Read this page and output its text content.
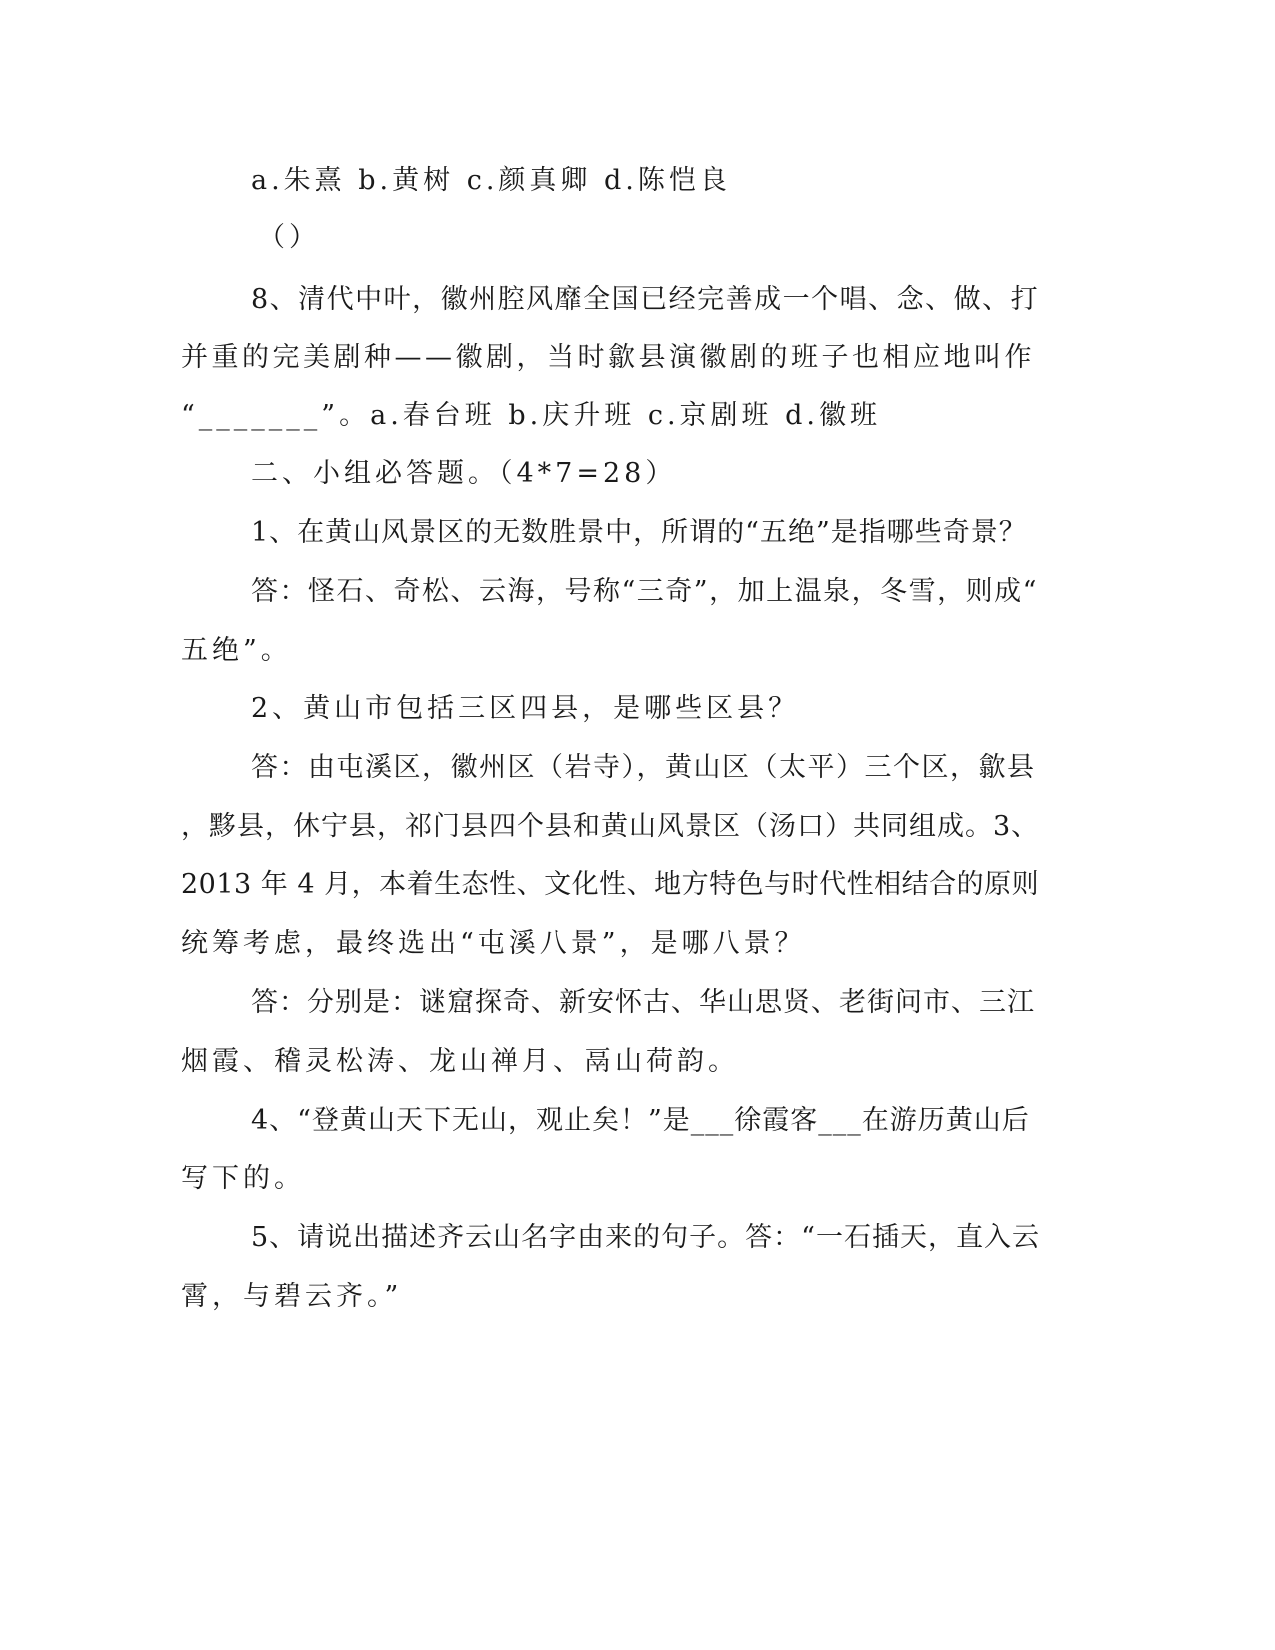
a.朱熹 b.黄树 c.颜真卿 d.陈恺良

（）

8、清代中叶，徽州腔风靡全国已经完善成一个唱、念、做、打

并重的完美剧种——徽剧，当时歙县演徽剧的班子也相应地叫作

“_______”。a.春台班 b.庆升班 c.京剧班 d.徽班

二、小组必答题。（4*7=28）

1、在黄山风景区的无数胜景中，所谓的“五绝”是指哪些奇景？

答：怪石、奇松、云海，号称“三奇”，加上温泉，冬雪，则成“

五绝”。

2、黄山市包括三区四县，是哪些区县？

答：由屯溪区，徽州区（岩寺），黄山区（太平）三个区，歙县

，黟县，休宁县，祁门县四个县和黄山风景区（汤口）共同组成。3、

2013 年 4 月，本着生态性、文化性、地方特色与时代性相结合的原则

统筹考虑，最终选出“屯溪八景”，是哪八景？

答：分别是：谜窟探奇、新安怀古、华山思贤、老街问市、三江

烟霞、稽灵松涛、龙山禅月、鬲山荷韵。

4、“登黄山天下无山，观止矣！”是___徐霞客___在游历黄山后

写下的。

5、请说出描述齐云山名字由来的句子。答：“一石插天，直入云

霄，与碧云齐。”
